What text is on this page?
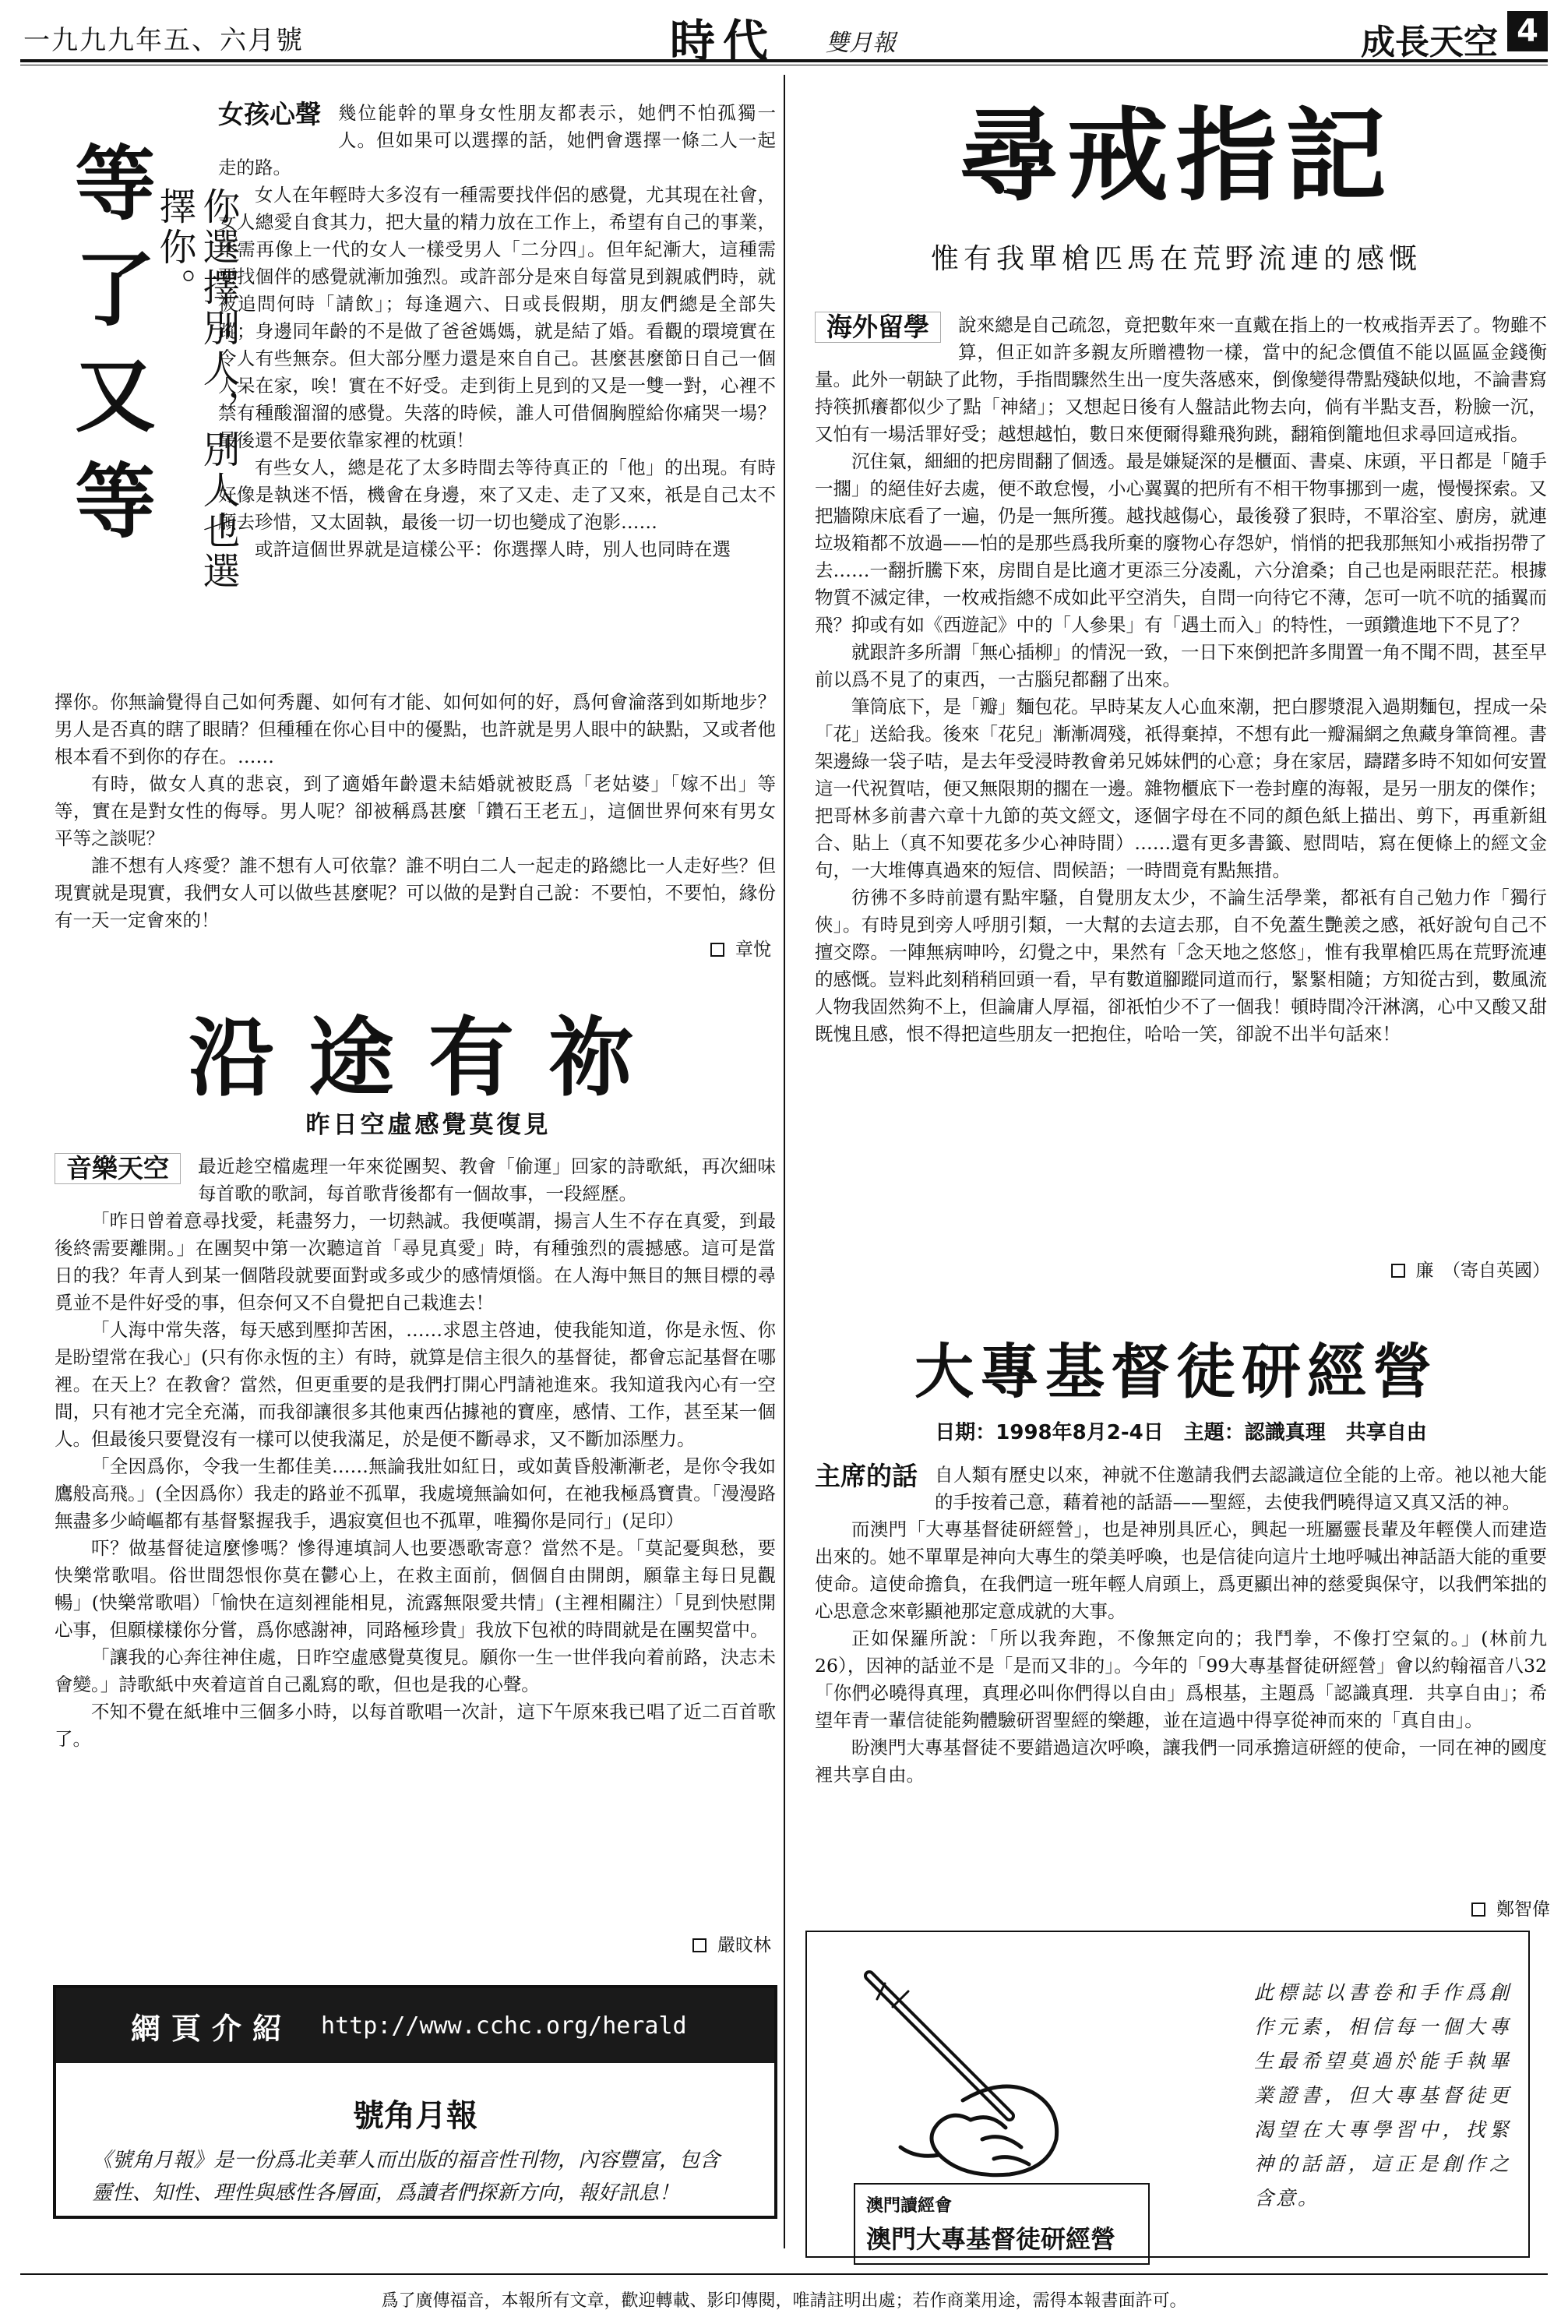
一九九九年五、六月號	時代 雙月報	成長天空 4
等
了
又
等	你選擇別人，別人也選擇你。

女孩心聲 幾位能幹的單身女性朋友都表示，她們不怕孤獨一人。但如果可以選擇的話，她們會選擇一條二人一起走的路。

女人在年輕時大多沒有一種需要找伴侶的感覺，尤其現在社會，女人總愛自食其力，把大量的精力放在工作上，希望有自己的事業，不需再像上一代的女人一樣受男人「二分四」。但年紀漸大，這種需要找個伴的感覺就漸加強烈。或許部分是來自每當見到親戚們時，就被追問何時「請飲」；每逢週六、日或長假期，朋友們總是全部失蹤；身邊同年齡的不是做了爸爸媽媽，就是結了婚。看觀的環境實在令人有些無奈。但大部分壓力還是來自自己。甚麼甚麼節日自己一個人呆在家，唉！實在不好受。走到街上見到的又是一雙一對，心裡不禁有種酸溜溜的感覺。失落的時候，誰人可借個胸膛給你痛哭一場？最後還不是要依靠家裡的枕頭！

有些女人，總是花了太多時間去等待真正的「他」的出現。有時好像是執迷不悟，機會在身邊，來了又走、走了又來，祇是自己太不願去珍惜，又太固執，最後一切一切也變成了泡影……

或許這個世界就是這樣公平：你選擇人時，別人也同時在選

擇你。你無論覺得自己如何秀麗、如何有才能、如何如何的好，爲何會淪落到如斯地步？男人是否真的瞎了眼睛？但種種在你心目中的優點，也許就是男人眼中的缺點，又或者他根本看不到你的存在。……

有時，做女人真的悲哀，到了適婚年齡還未結婚就被貶爲「老姑婆」「嫁不出」等等，實在是對女性的侮辱。男人呢？卻被稱爲甚麼「鑽石王老五」，這個世界何來有男女平等之談呢？

誰不想有人疼愛？誰不想有人可依靠？誰不明白二人一起走的路總比一人走好些？但現實就是現實，我們女人可以做些甚麼呢？可以做的是對自己說：不要怕，不要怕，緣份有一天一定會來的！

章悅
沿途有祢
昨日空虛感覺莫復見

音樂天空	最近趁空檔處理一年來從團契、教會「偷運」回家的詩歌紙，再次細味每首歌的歌詞，每首歌背後都有一個故事，一段經歷。

「昨日曾着意尋找愛，耗盡努力，一切熱誠。我便嘆謂，揚言人生不存在真愛，到最後終需要離開。」在團契中第一次聽這首「尋見真愛」時，有種強烈的震撼感。這可是當日的我？年青人到某一個階段就要面對或多或少的感情煩惱。在人海中無目的無目標的尋覓並不是件好受的事，但奈何又不自覺把自己栽進去！

「人海中常失落，每天感到壓抑苦困，……求恩主啓迪，使我能知道，你是永恆、你是盼望常在我心」(只有你永恆的主）有時，就算是信主很久的基督徒，都會忘記基督在哪裡。在天上？在教會？當然，但更重要的是我們打開心門請祂進來。我知道我內心有一空間，只有祂才完全充滿，而我卻讓很多其他東西佔據祂的寶座，感情、工作，甚至某一個人。但最後只要覺沒有一樣可以使我滿足，於是便不斷尋求，又不斷加添壓力。

「全因爲你，令我一生都佳美……無論我壯如紅日，或如黃昏般漸漸老，是你令我如鷹般高飛。」(全因爲你）我走的路並不孤單，我處境無論如何，在祂我極爲寶貴。「漫漫路無盡多少崎嶇都有基督緊握我手，遇寂寞但也不孤單，唯獨你是同行」(足印）

吓？做基督徒這麼慘嗎？慘得連填詞人也要憑歌寄意？當然不是。「莫記憂與愁，要快樂常歌唱。俗世間怨恨你莫在鬱心上，在救主面前，個個自由開朗，願靠主每日見觀暢」(快樂常歌唱）「愉快在這刻裡能相見，流露無限愛共情」(主裡相關注）「見到快慰開心事，但願樣樣你分嘗，爲你感謝神，同路極珍貴」我放下包袱的時間就是在團契當中。

「讓我的心奔往神住處，日昨空虛感覺莫復見。願你一生一世伴我向着前路，決志未會變。」詩歌紙中夾着這首自己亂寫的歌，但也是我的心聲。

不知不覺在紙堆中三個多小時，以每首歌唱一次計，這下午原來我已唱了近二百首歌了。

嚴旼林
網頁介紹 http://www.cchc.org/herald
號角月報
《號角月報》是一份爲北美華人而出版的福音性刊物，內容豐富，包含靈性、知性、理性與感性各層面，爲讀者們探新方向，報好訊息！
尋戒指記
惟有我單槍匹馬在荒野流連的感慨

海外留學	說來總是自己疏忽，竟把數年來一直戴在指上的一枚戒指弄丟了。物雖不算，但正如許多親友所贈禮物一樣，當中的紀念價值不能以區區金錢衡量。此外一朝缺了此物，手指間驟然生出一度失落感來，倒像變得帶點殘缺似地，不論書寫持筷抓癢都似少了點「神緒」；又想起日後有人盤詰此物去向，倘有半點支吾，粉臉一沉，又怕有一場活罪好受；越想越怕，數日來便爾得雞飛狗跳，翻箱倒籠地但求尋回這戒指。

沉住氣，細細的把房間翻了個透。最是嫌疑深的是櫃面、書桌、床頭，平日都是「隨手一擱」的絕佳好去處，便不敢怠慢，小心翼翼的把所有不相干物事挪到一處，慢慢探索。又把牆隙床底看了一遍，仍是一無所獲。越找越傷心，最後發了狠時，不單浴室、廚房，就連垃圾箱都不放過——怕的是那些爲我所棄的廢物心存怨妒，悄悄的把我那無知小戒指拐帶了去……一翻折騰下來，房間自是比適才更添三分凌亂，六分滄桑；自己也是兩眼茫茫。根據物質不滅定律，一枚戒指總不成如此平空消失，自問一向待它不薄，怎可一吭不吭的插翼而飛？抑或有如《西遊記》中的「人參果」有「遇土而入」的特性，一頭鑽進地下不見了？

就跟許多所謂「無心插柳」的情況一致，一日下來倒把許多閒置一角不聞不問，甚至早前以爲不見了的東西，一古腦兒都翻了出來。

筆筒底下，是「瓣」麵包花。早時某友人心血來潮，把白膠漿混入過期麵包，捏成一朵「花」送給我。後來「花兒」漸漸凋殘，祇得棄掉，不想有此一瓣漏網之魚藏身筆筒裡。書架邊綠一袋子咭，是去年受浸時教會弟兄姊妹們的心意；身在家居，躊躇多時不知如何安置這一代祝賀咭，便又無限期的擱在一邊。雜物櫃底下一卷封塵的海報，是另一朋友的傑作；把哥林多前書六章十九節的英文經文，逐個字母在不同的顏色紙上描出、剪下，再重新組合、貼上（真不知要花多少心神時間）……還有更多書籤、慰問咭，寫在便條上的經文金句，一大堆傳真過來的短信、問候語；一時間竟有點無措。

彷彿不多時前還有點牢騷，自覺朋友太少，不論生活學業，都祇有自己勉力作「獨行俠」。有時見到旁人呼朋引類，一大幫的去這去那，自不免蓋生艷羨之感，祇好說句自己不擅交際。一陣無病呻吟，幻覺之中，果然有「念天地之悠悠」，惟有我單槍匹馬在荒野流連的感慨。豈料此刻稍稍回頭一看，早有數道腳蹤同道而行，緊緊相隨；方知從古到，數風流人物我固然夠不上，但論庸人厚福，卻祇怕少不了一個我！頓時間冷汗淋漓，心中又酸又甜既愧且感，恨不得把這些朋友一把抱住，哈哈一笑，卻說不出半句話來！

廉　 （寄自英國）
大專基督徒研經營
日期：1998年8月2-4日　主題：認識真理　共享自由

主席的話 自人類有歷史以來，神就不住邀請我們去認識這位全能的上帝。祂以祂大能的手按着己意，藉着祂的話語——聖經，去使我們曉得這又真又活的神。

而澳門「大專基督徒研經營」，也是神別具匠心，興起一班屬靈長輩及年輕僕人而建造出來的。她不單單是神向大專生的榮美呼喚，也是信徒向這片土地呼喊出神話語大能的重要使命。這使命擔負，在我們這一班年輕人肩頭上，爲更顯出神的慈愛與保守，以我們笨拙的心思意念來彰顯祂那定意成就的大事。

正如保羅所說：「所以我奔跑，不像無定向的；我鬥拳，不像打空氣的。」(林前九26），因神的話並不是「是而又非的」。今年的「99大專基督徒研經營」會以約翰福音八32「你們必曉得真理，真理必叫你們得以自由」爲根基，主題爲「認識真理．共享自由」；希望年青一輩信徒能夠體驗研習聖經的樂趣，並在這過中得享從神而來的「真自由」。

盼澳門大專基督徒不要錯過這次呼喚，讓我們一同承擔這研經的使命，一同在神的國度裡共享自由。

鄭智偉
澳門讀經會
澳門大專基督徒研經營
此標誌以書卷和手作爲創作元素，相信每一個大專生最希望莫過於能手執畢業證書，但大專基督徒更渴望在大專學習中，找緊神的話語，這正是創作之含意。
爲了廣傳福音，本報所有文章，歡迎轉載、影印傳閱，唯請註明出處；若作商業用途，需得本報書面許可。
